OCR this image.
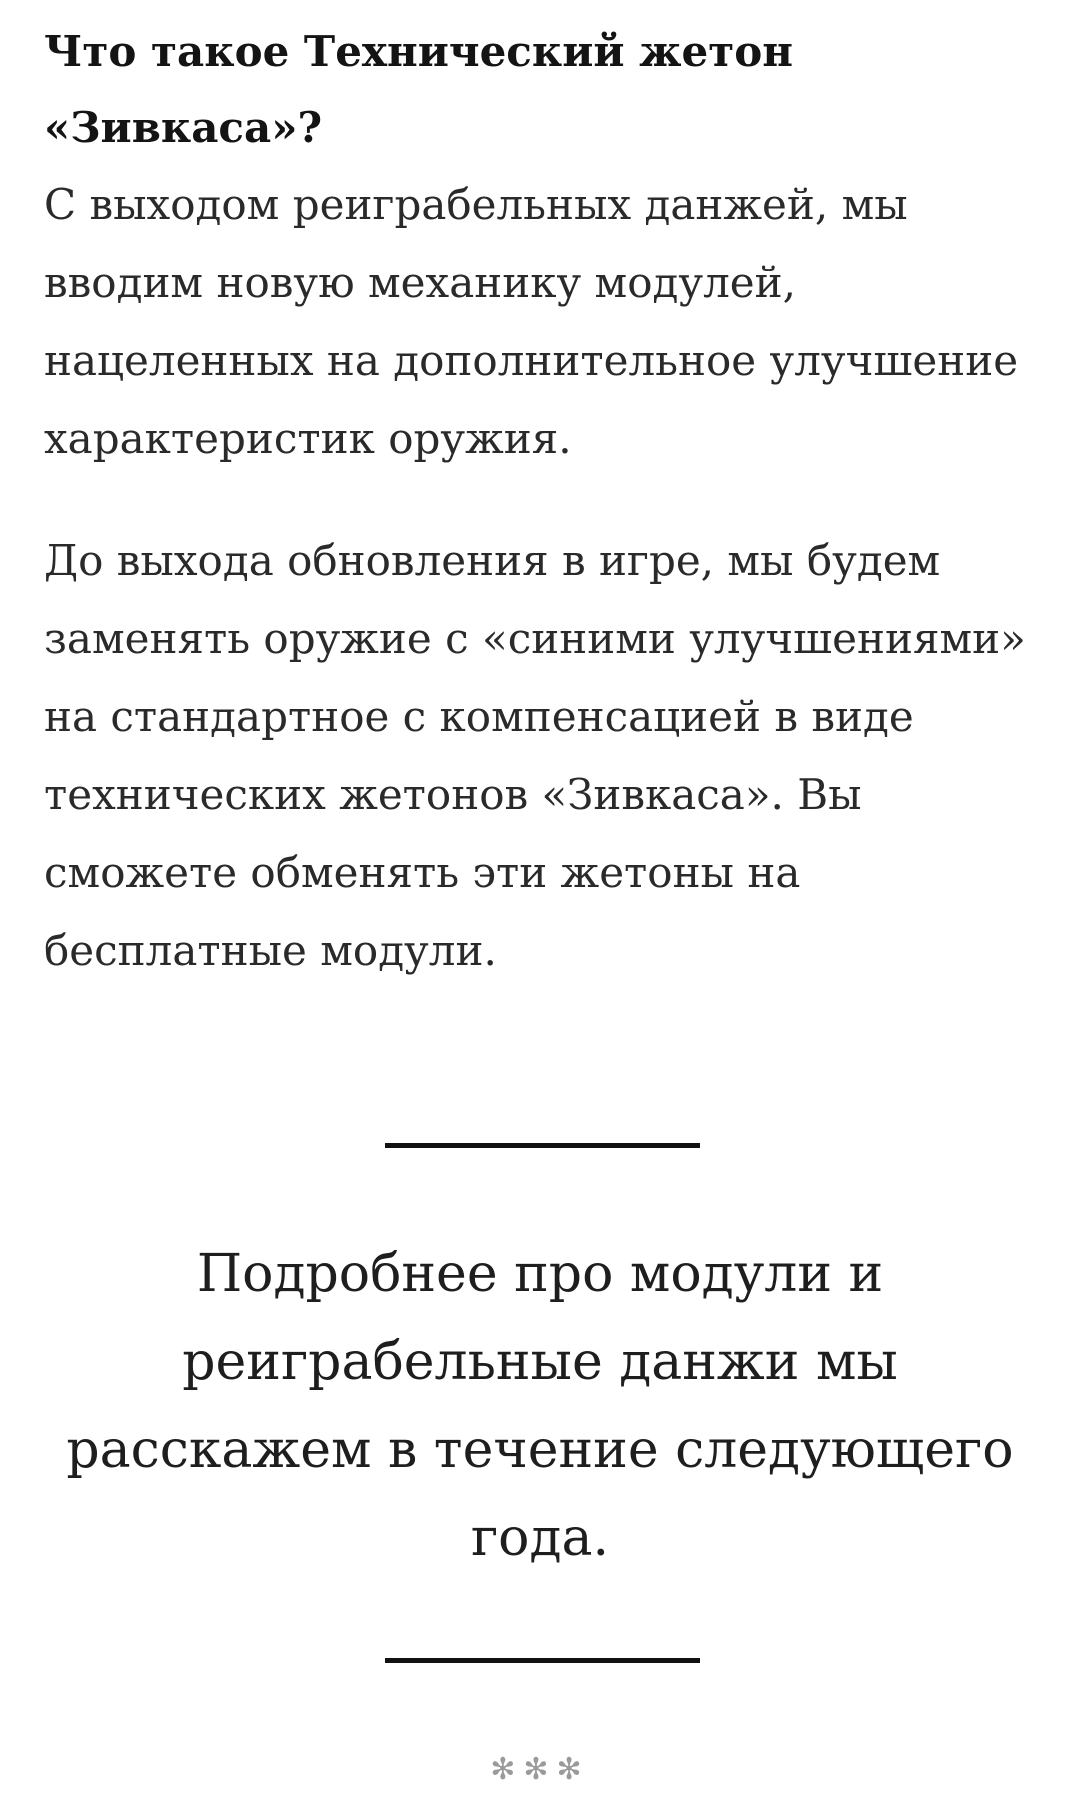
Что такое Технический жетон «Зивкаса»?

С выходом реиграбельных данжей, мы вводим новую механику модулей, нацеленных на дополнительное улучшение характеристик оружия.

До выхода обновления в игре, мы будем заменять оружие с «синими улучшениями» на стандартное с компенсацией в виде технических жетонов «Зивкаса». Вы сможете обменять эти жетоны на бесплатные модули.

Подробнее про модули и реиграбельные данжи мы расскажем в течение следующего года.

✻✻✻
